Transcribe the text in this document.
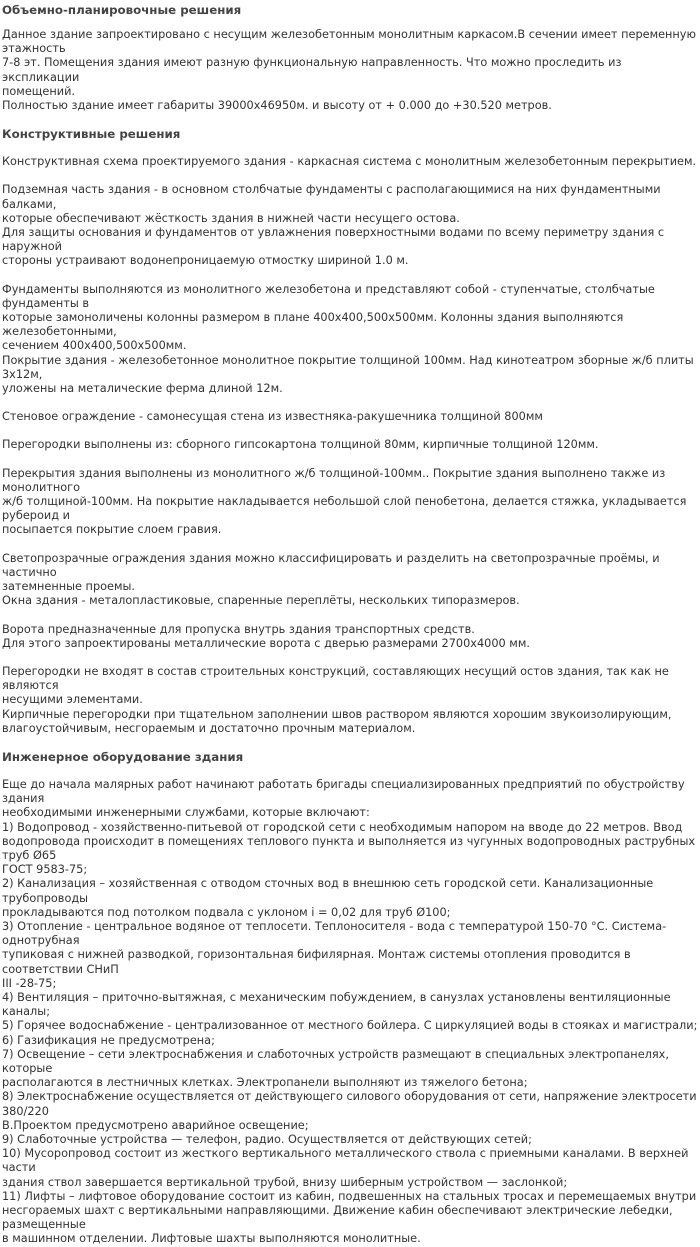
Объемно-планировочные решения

Данное здание запроектировано с несущим железобетонным монолитным каркасом.В сечении имеет переменную этажность

7-8 эт. Помещения здания имеют разную функциональную направленность. Что можно проследить из экспликации

помещений.

Полностью здание имеет габариты 39000х46950м. и высоту от + 0.000 до +30.520 метров.

Конструктивные решения

Конструктивная схема проектируемого здания - каркасная система с монолитным железобетонным перекрытием.

Подземная часть здания - в основном столбчатые фундаменты с располагающимися на них фундаментными балками,

которые обеспечивают жёсткость здания в нижней части несущего остова.

Для защиты основания и фундаментов от увлажнения поверхностными водами по всему периметру здания с наружной

стороны устраивают водонепроницаемую отмостку шириной 1.0 м.

Фундаменты выполняются из монолитного железобетона и представляют собой - ступенчатые, столбчатые фундаменты в

которые замоноличены колонны размером в плане 400х400,500х500мм. Колонны здания выполняются железобетонными,

сечением 400х400,500х500мм.

Покрытие здания - железобетонное монолитное покрытие толщиной 100мм. Над кинотеатром зборные ж/б плиты 3х12м,

уложены на металические ферма длиной 12м.

Стеновое ограждение - самонесущая стена из известняка-ракушечника толщиной 800мм

Перегородки выполнены из: сборного гипсокартона толщиной 80мм, кирпичные толщиной 120мм.

Перекрытия здания выполнены из монолитного ж/б толщиной-100мм.. Покрытие здания выполнено также из монолитного

ж/б толщиной-100мм. На покрытие накладывается небольшой слой пенобетона, делается стяжка, укладывается рубероид и

посыпается покрытие слоем гравия.

Светопрозрачные ограждения здания можно классифицировать и разделить на светопрозрачные проёмы, и частично

затемненные проемы.

Окна здания - металопластиковые, спаренные переплёты, нескольких типоразмеров.

Ворота предназначенные для пропуска внутрь здания транспортных средств.

Для этого запроектированы металлические ворота с дверью размерами 2700х4000 мм.

Перегородки не входят в состав строительных конструкций, составляющих несущий остов здания, так как не являются

несущими элементами.

Кирпичные перегородки при тщательном заполнении швов раствором являются хорошим звукоизолирующим,

влагоустойчивым, несгораемым и достаточно прочным материалом.

Инженерное оборудование здания

Еще до начала малярных работ начинают работать бригады специализированных предприятий по обустройству здания

необходимыми инженерными службами, которые включают:

1) Водопровод - хозяйственно-питьевой от городской сети с необходимым напором на вводе до 22 метров. Ввод

водопровода происходит в помещениях теплового пункта и выполняется из чугунных водопроводных раструбных труб Ø65

ГОСТ 9583-75;

2) Канализация – хозяйственная с отводом сточных вод в внешнюю сеть городской сети. Канализационные трубопроводы

прокладываются под потолком подвала с уклоном i = 0,02 для труб Ø100;

3) Отопление - центральное водяное от теплосети. Теплоносителя - вода с температурой 150-70 °С. Система- однотрубная

тупиковая с нижней разводкой, горизонтальная бифилярная. Монтаж системы отопления проводится в соответствии СНиП

III -28-75;

4) Вентиляция – приточно-вытяжная, с механическим побуждением, в санузлах установлены вентиляционные каналы;

5) Горячее водоснабжение - централизованное от местного бойлера. С циркуляцией воды в стояках и магистрали;

6) Газификация не предусмотрена;

7) Освещение – сети электроснабжения и слаботочных устройств размещают в специальных электропанелях, которые

располагаются в лестничных клетках. Электропанели выполняют из тяжелого бетона;

8) Электроснабжение осуществляется от действующего силового оборудования от сети, напряжение электросети 380/220

В.Проектом предусмотрено аварийное освещение;

9) Слаботочные устройства — телефон, радио. Осуществляется от действующих сетей;

10) Мусоропровод состоит из жесткого вертикального металлического ствола с приемными каналами. В верхней части

здания ствол завершается вертикальной трубой, внизу шиберным устройством — заслонкой;

11) Лифты – лифтовое оборудование состоит из кабин, подвешенных на стальных тросах и перемещаемых внутри

несгораемых шахт с вертикальными направляющими. Движение кабин обеспечивают электрические лебедки, размещенные

в машинном отделении. Лифтовые шахты выполняются монолитные.
